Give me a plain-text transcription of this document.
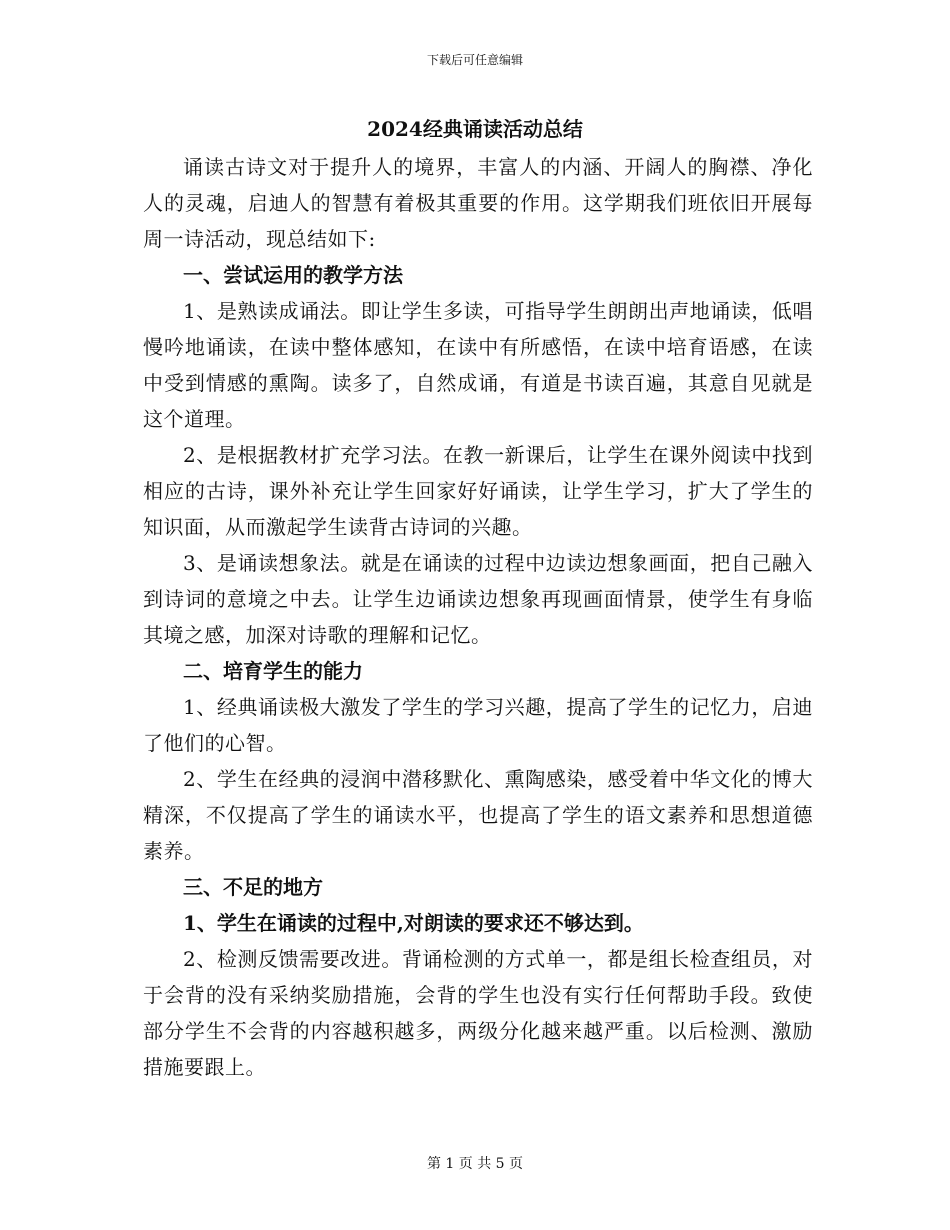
下载后可任意编辑
2024经典诵读活动总结

诵读古诗文对于提升人的境界，丰富人的内涵、开阔人的胸襟、净化人的灵魂，启迪人的智慧有着极其重要的作用。这学期我们班依旧开展每周一诗活动，现总结如下:

一、尝试运用的教学方法

1、是熟读成诵法。即让学生多读，可指导学生朗朗出声地诵读，低唱慢吟地诵读，在读中整体感知，在读中有所感悟，在读中培育语感，在读中受到情感的熏陶。读多了，自然成诵，有道是书读百遍，其意自见就是这个道理。

2、是根据教材扩充学习法。在教一新课后，让学生在课外阅读中找到相应的古诗，课外补充让学生回家好好诵读，让学生学习，扩大了学生的知识面，从而激起学生读背古诗词的兴趣。

3、是诵读想象法。就是在诵读的过程中边读边想象画面，把自己融入到诗词的意境之中去。让学生边诵读边想象再现画面情景，使学生有身临其境之感，加深对诗歌的理解和记忆。

二、培育学生的能力

1、经典诵读极大激发了学生的学习兴趣，提高了学生的记忆力，启迪了他们的心智。

2、学生在经典的浸润中潜移默化、熏陶感染，感受着中华文化的博大精深，不仅提高了学生的诵读水平，也提高了学生的语文素养和思想道德素养。

三、不足的地方

1、学生在诵读的过程中,对朗读的要求还不够达到。

2、检测反馈需要改进。背诵检测的方式单一，都是组长检查组员，对于会背的没有采纳奖励措施，会背的学生也没有实行任何帮助手段。致使部分学生不会背的内容越积越多，两级分化越来越严重。以后检测、激励措施要跟上。

第 1 页 共 5 页
